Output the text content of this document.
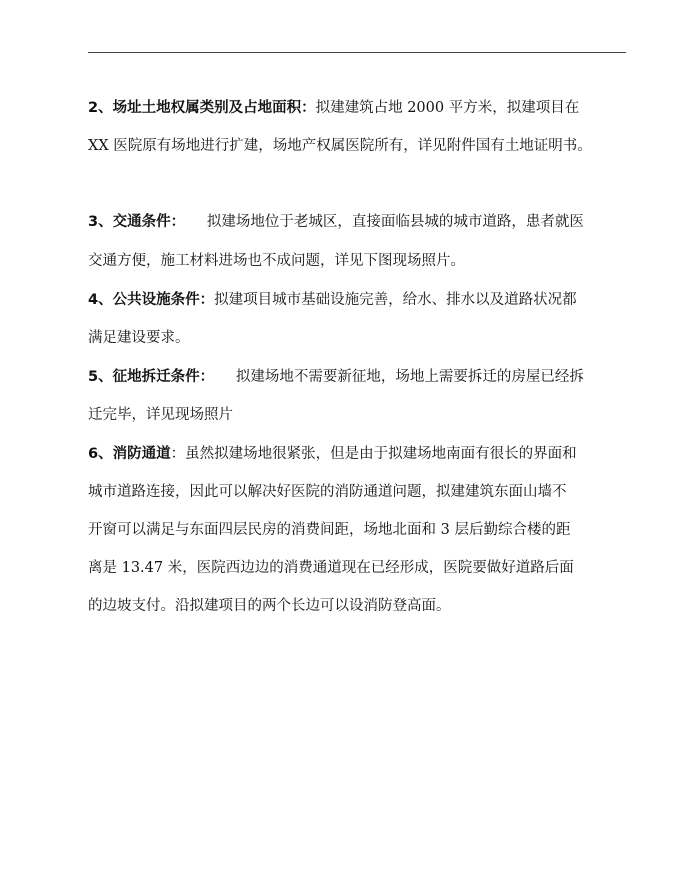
2、场址土地权属类别及占地面积：拟建建筑占地 2000 平方米，拟建项目在
XX 医院原有场地进行扩建，场地产权属医院所有，详见附件国有土地证明书。
3、交通条件：　　 拟建场地位于老城区，直接面临县城的城市道路，患者就医
交通方便，施工材料进场也不成问题，详见下图现场照片。
4、公共设施条件：拟建项目城市基础设施完善，给水、排水以及道路状况都
满足建设要求。
5、征地拆迁条件：　　 拟建场地不需要新征地，场地上需要拆迁的房屋已经拆
迁完毕，详见现场照片
6、消防通道：虽然拟建场地很紧张，但是由于拟建场地南面有很长的界面和
城市道路连接，因此可以解决好医院的消防通道问题，拟建建筑东面山墙不
开窗可以满足与东面四层民房的消费间距，场地北面和 3 层后勤综合楼的距
离是 13.47 米，医院西边边的消费通道现在已经形成，医院要做好道路后面
的边坡支付。沿拟建项目的两个长边可以设消防登高面。
